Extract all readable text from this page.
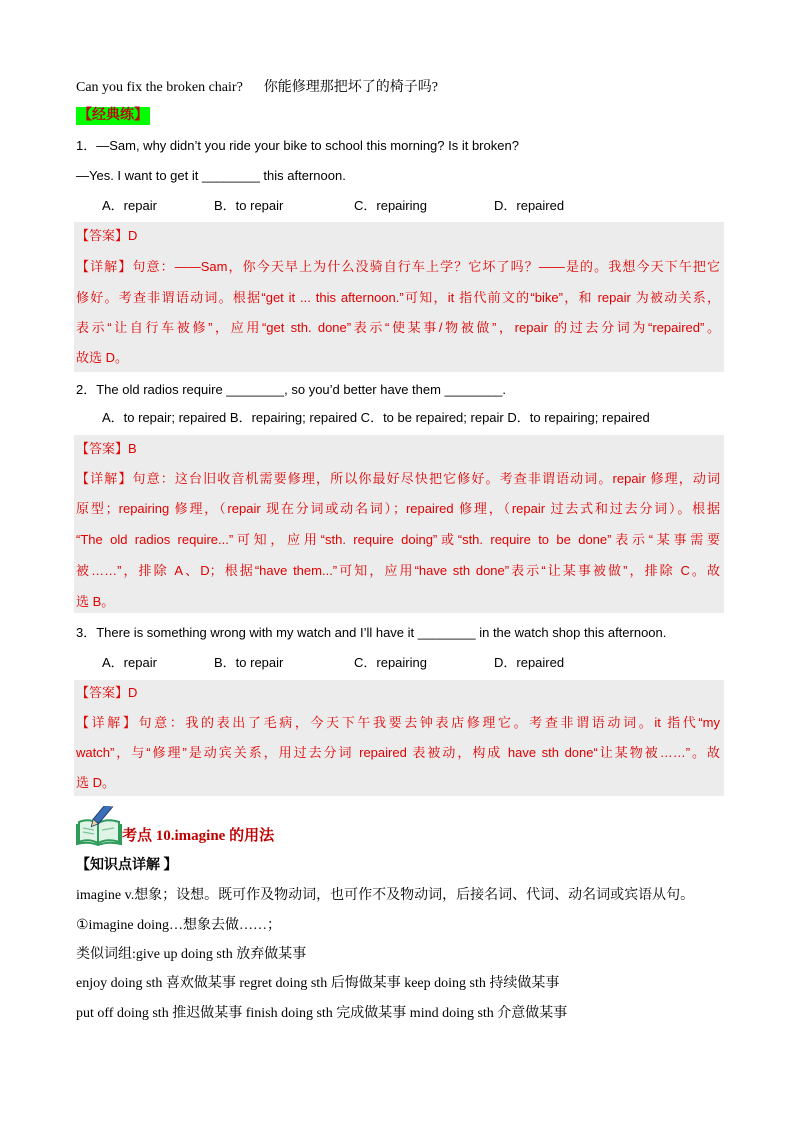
Can you fix the broken chair? 你能修理那把坏了的椅子吗?
【经典练】
1．—Sam, why didn’t you ride your bike to school this morning? Is it broken?
—Yes. I want to get it ________ this afternoon.
A．repair	B．to repair	C．repairing	D．repaired
【答案】D
【详解】句意：——Sam，你今天早上为什么没骑自行车上学？它坏了吗？——是的。我想今天下午把它
修好。考查非谓语动词。根据“get it ... this afternoon.”可知，it 指代前文的“bike”，和 repair 为被动关系，
表示“让自行车被修”，应用“get sth. done”表示“使某事/物被做”，repair 的过去分词为“repaired”。
故选 D。
2．The old radios require ________, so you’d better have them ________.
A．to repair; repaired B．repairing; repaired C．to be repaired; repair D．to repairing; repaired
【答案】B
【详解】句意：这台旧收音机需要修理，所以你最好尽快把它修好。考查非谓语动词。repair 修理，动词
原型；repairing 修理，（repair 现在分词或动名词）；repaired 修理，（repair 过去式和过去分词）。根据
“The old radios require...”可知，应用“sth. require doing”或“sth. require to be done”表示“某事需要
被……”，排除 A、D；根据“have them...”可知，应用“have sth done”表示“让某事被做”，排除 C。故
选 B。
3．There is something wrong with my watch and I’ll have it ________ in the watch shop this afternoon.
A．repair	B．to repair	C．repairing	D．repaired
【答案】D
【详解】句意：我的表出了毛病，今天下午我要去钟表店修理它。考查非谓语动词。it 指代“my
watch”，与“修理”是动宾关系，用过去分词 repaired 表被动，构成 have sth done“让某物被……”。故
选 D。
考点 10.imagine 的用法
【知识点详解 】
imagine v.想象；设想。既可作及物动词，也可作不及物动词，后接名词、代词、动名词或宾语从句。
①imagine doing…想象去做……；
类似词组:give up doing sth 放弃做某事
enjoy doing sth 喜欢做某事 regret doing sth 后悔做某事 keep doing sth 持续做某事
put off doing sth 推迟做某事 finish doing sth 完成做某事 mind doing sth 介意做某事
